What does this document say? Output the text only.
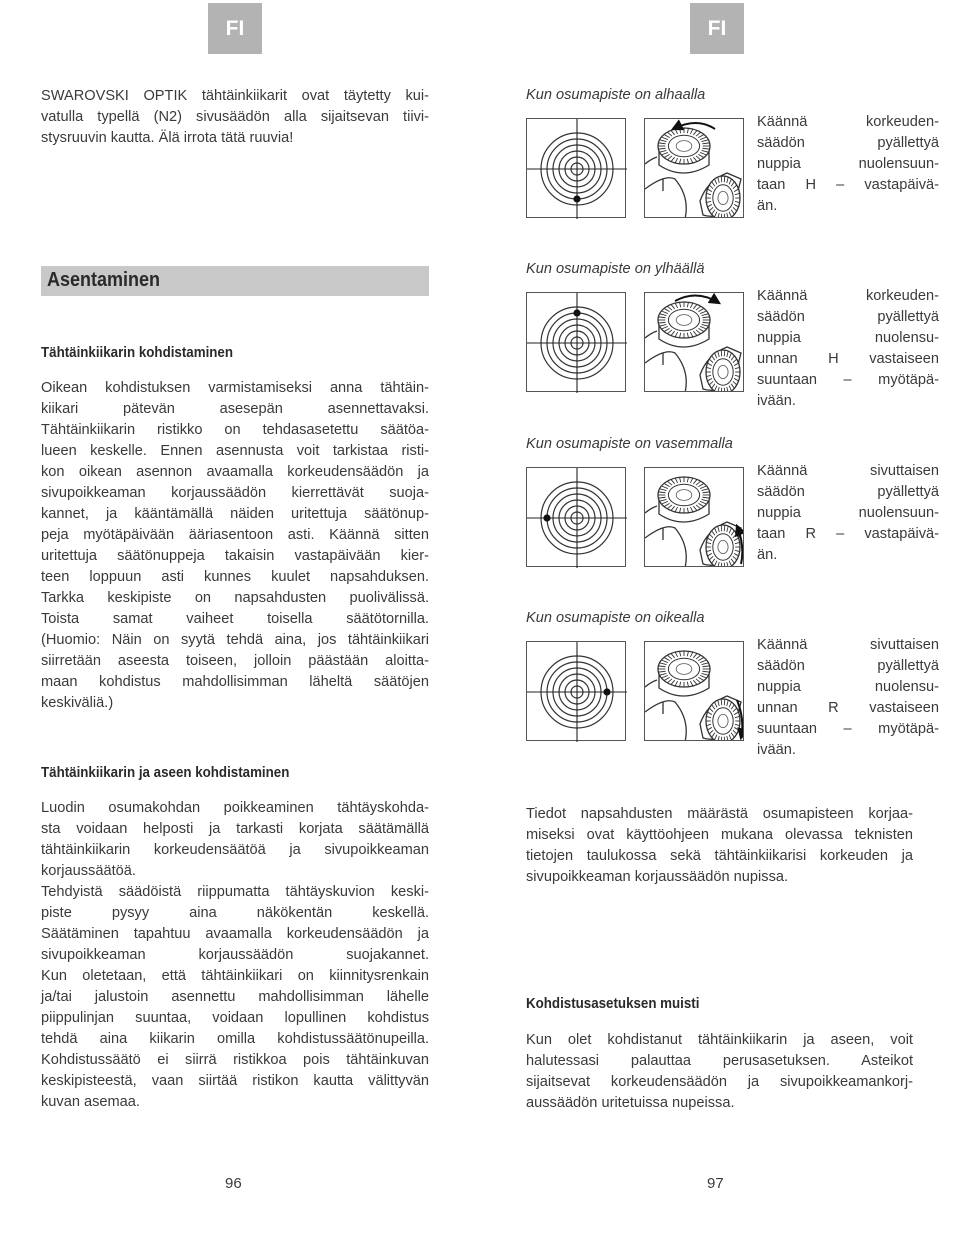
FI	FI
SWAROVSKI OPTIK tähtäinkiikarit ovat täytetty kui-
vatulla typellä (N2) sivusäädön alla sijaitsevan tiivi-
stysruuvin kautta. Älä irrota tätä ruuvia!
Asentaminen
Tähtäinkiikarin kohdistaminen
Oikean kohdistuksen varmistamiseksi anna tähtäin-
kiikari pätevän asesepän asennettavaksi.
Tähtäinkiikarin ristikko on tehdasasetettu säätöa-
lueen keskelle. Ennen asennusta voit tarkistaa risti-
kon oikean asennon avaamalla korkeudensäädön ja
sivupoikkeaman korjaussäädön kierrettävät suoja-
kannet, ja kääntämällä näiden uritettuja säätönup-
peja myötäpäivään ääriasentoon asti. Käännä sitten
uritettuja säätönuppeja takaisin vastapäivään kier-
teen loppuun asti kunnes kuulet napsahduksen.
Tarkka keskipiste on napsahdusten puolivälissä.
Toista samat vaiheet toisella säätötornilla.
(Huomio: Näin on syytä tehdä aina, jos tähtäinkiikari
siirretään aseesta toiseen, jolloin päästään aloitta-
maan kohdistus mahdollisimman läheltä säätöjen
keskiväliä.)
Tähtäinkiikarin ja aseen kohdistaminen
Luodin osumakohdan poikkeaminen tähtäyskohda-
sta voidaan helposti ja tarkasti korjata säätämällä
tähtäinkiikarin korkeudensäätöä ja sivupoikkeaman
korjaussäätöä.
Tehdyistä säädöistä riippumatta tähtäyskuvion keski-
piste pysyy aina näkökentän keskellä.
Säätäminen tapahtuu avaamalla korkeudensäädön ja
sivupoikkeaman korjaussäädön suojakannet.
Kun oletetaan, että tähtäinkiikari on kiinnitysrenkain
ja/tai jalustoin asennettu mahdollisimman lähelle
piippulinjan suuntaa, voidaan lopullinen kohdistus
tehdä aina kiikarin omilla kohdistussäätönupeilla.
Kohdistussäätö ei siirrä ristikkoa pois tähtäinkuvan
keskipisteestä, vaan siirtää ristikon kautta välittyvän
kuvan asemaa.
96
Kun osumapiste on alhaalla
Kun osumapiste on ylhäällä
Kun osumapiste on vasemmalla
Kun osumapiste on oikealla
Käännä korkeuden-
säädön pyällettyä
nuppia nuolensuun-
taan H – vastapäivä-
än.
Käännä korkeuden-
säädön pyällettyä
nuppia nuolensu-
unnan H vastaiseen
suuntaan – myötäpä-
ivään.
Käännä sivuttaisen
säädön pyällettyä
nuppia nuolensuun-
taan R – vastapäivä-
än.
Käännä sivuttaisen
säädön pyällettyä
nuppia nuolensu-
unnan R vastaiseen
suuntaan – myötäpä-
ivään.
Tiedot napsahdusten määrästä osumapisteen korjaa-
miseksi ovat käyttöohjeen mukana olevassa teknisten
tietojen taulukossa sekä tähtäinkiikarisi korkeuden ja
sivupoikkeaman korjaussäädön nupissa.
Kohdistusasetuksen muisti
Kun olet kohdistanut tähtäinkiikarin ja aseen, voit
halutessasi palauttaa perusasetuksen. Asteikot
sijaitsevat korkeudensäädön ja sivupoikkeamankorj-
aussäädön uritetuissa nupeissa.
97
